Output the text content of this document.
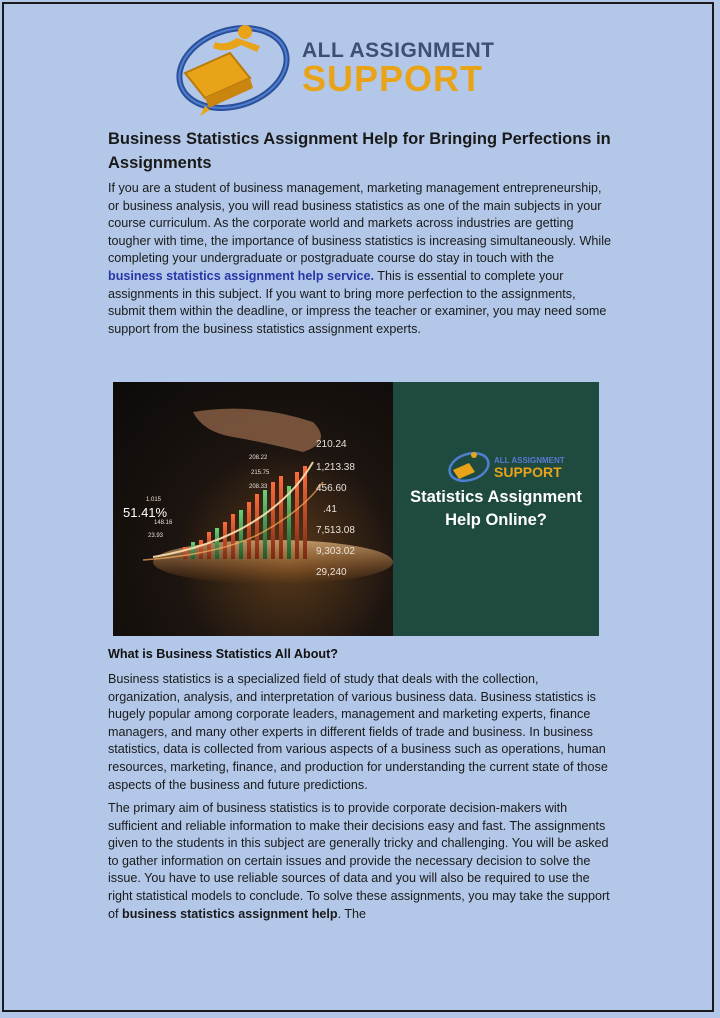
ALL ASSIGNMENT
SUPPORT
Business Statistics Assignment Help for Bringing Perfections in Assignments

If you are a student of business management, marketing management entrepreneurship, or business analysis, you will read business statistics as one of the main subjects in your course curriculum. As the corporate world and markets across industries are getting tougher with time, the importance of business statistics is increasing simultaneously. While completing your undergraduate or postgraduate course do stay in touch with the business statistics assignment help service. This is essential to complete your assignments in this subject. If you want to bring more perfection to the assignments, submit them within the deadline, or impress the teacher or examiner, you may need some support from the business statistics assignment experts.

210.24
1,213.38
456.60
.41
7,513.08
9,303.02
29,240
51.41%
208.22
215.75
208.33
1.015
148.16
23.93
ALL ASSIGNMENT
SUPPORT
Statistics Assignment Help Online?
What is Business Statistics All About?

Business statistics is a specialized field of study that deals with the collection, organization, analysis, and interpretation of various business data. Business statistics is hugely popular among corporate leaders, management and marketing experts, finance managers, and many other experts in different fields of trade and business. In business statistics, data is collected from various aspects of a business such as operations, human resources, marketing, finance, and production for understanding the current state of those aspects of the business and future predictions.

The primary aim of business statistics is to provide corporate decision-makers with sufficient and reliable information to make their decisions easy and fast. The assignments given to the students in this subject are generally tricky and challenging. You will be asked to gather information on certain issues and provide the necessary decision to solve the issue. You have to use reliable sources of data and you will also be required to use the right statistical models to conclude. To solve these assignments, you may take the support of business statistics assignment help. The
